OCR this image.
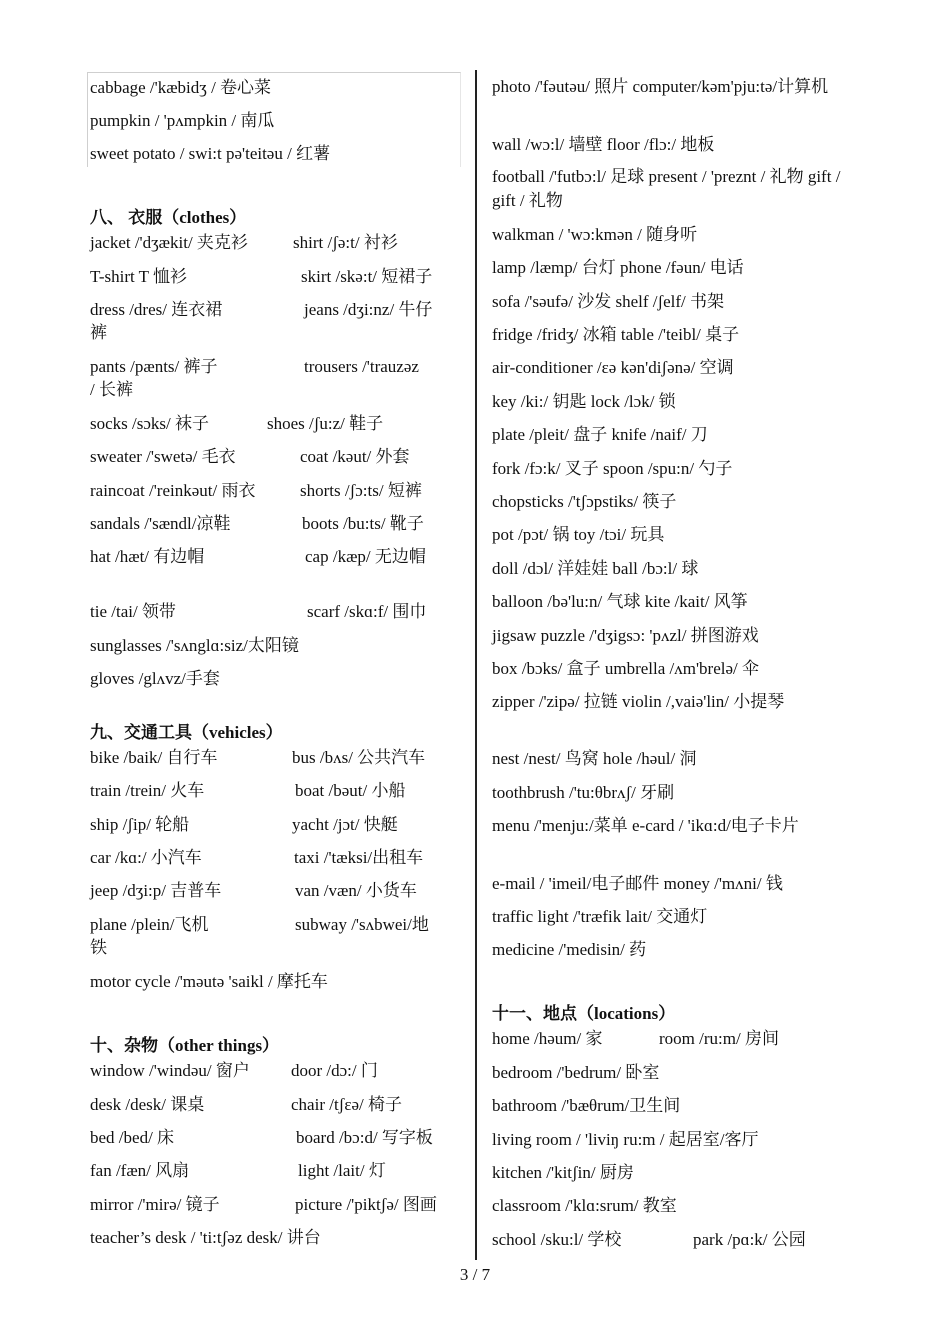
cabbage /'kæbidʒ / 卷心菜
pumpkin / 'pʌmpkin / 南瓜
sweet potato / swi:t pə'teitəu / 红薯
八、 衣服（clothes）
jacket /'dʒækit/ 夹克衫	shirt /ʃə:t/ 衬衫
T-shirt T 恤衫	skirt /skə:t/ 短裙子
dress /dres/ 连衣裙	jeans /dʒi:nz/ 牛仔
裤
pants /pænts/ 裤子	trousers /'trauzəz
/ 长裤
socks /sɔks/ 袜子	shoes /ʃu:z/ 鞋子
sweater /'swetə/ 毛衣	coat /kəut/ 外套
raincoat /'reinkəut/ 雨衣	shorts /ʃɔ:ts/ 短裤
sandals /'sændl/凉鞋	boots /bu:ts/ 靴子
hat /hæt/ 有边帽	cap /kæp/ 无边帽
tie /tai/ 领带	scarf /skɑ:f/ 围巾
sunglasses /'sʌnglɑ:siz/太阳镜
gloves /glʌvz/手套
九、交通工具（vehicles）
bike /baik/ 自行车	bus /bʌs/ 公共汽车
train /trein/ 火车	boat /bəut/ 小船
ship /ʃip/ 轮船	yacht /jɔt/ 快艇
car /kɑ:/ 小汽车	taxi /'tæksi/出租车
jeep /dʒi:p/ 吉普车	van /væn/ 小货车
plane /plein/飞机	subway /'sʌbwei/地
铁
motor cycle /'məutə 'saikl / 摩托车
十、杂物（other things）
window /'windəu/ 窗户 door /dɔ:/ 门
desk /desk/ 课桌	chair /tʃεə/ 椅子
bed /bed/ 床	board /bɔ:d/ 写字板
fan /fæn/ 风扇	light /lait/ 灯
mirror /'mirə/ 镜子	picture /'piktʃə/ 图画
teacher’s desk / 'ti:tʃəz desk/ 讲台
photo /'fəutəu/ 照片 computer/kəm'pju:tə/计算机
wall /wɔ:l/ 墙壁 floor /flɔ:/ 地板
football /'futbɔ:l/ 足球 present / 'preznt / 礼物 gift / gift / 礼物
walkman / 'wɔ:kmən / 随身听
lamp /læmp/ 台灯 phone /fəun/ 电话
sofa /'səufə/ 沙发 shelf /ʃelf/ 书架
fridge /fridʒ/ 冰箱 table /'teibl/ 桌子
air-conditioner /εə kən'diʃənə/ 空调
key /ki:/ 钥匙 lock /lɔk/ 锁
plate /pleit/ 盘子 knife /naif/ 刀
fork /fɔ:k/ 叉子 spoon /spu:n/ 勺子
chopsticks /'tʃɔpstiks/ 筷子
pot /pɔt/ 锅 toy /tɔi/ 玩具
doll /dɔl/ 洋娃娃 ball /bɔ:l/ 球
balloon /bə'lu:n/ 气球 kite /kait/ 风筝
jigsaw puzzle /'dʒigsɔ: 'pʌzl/ 拼图游戏
box /bɔks/ 盒子 umbrella /ʌm'brelə/ 伞
zipper /'zipə/ 拉链 violin /,vaiə'lin/ 小提琴
nest /nest/ 鸟窝 hole /həul/ 洞
toothbrush /'tu:θbrʌʃ/ 牙刷
menu /'menju:/菜单 e-card / 'ikɑ:d/电子卡片
e-mail / 'imeil/电子邮件 money /'mʌni/ 钱
traffic light /'træfik lait/ 交通灯
medicine /'medisin/ 药
十一、地点（locations）
home /həum/ 家	room /ru:m/ 房间
bedroom /'bedrum/ 卧室
bathroom /'bæθrum/卫生间
living room / 'liviŋ ru:m / 起居室/客厅
kitchen /'kitʃin/ 厨房
classroom /'klɑ:srum/ 教室
school /sku:l/ 学校	park /pɑ:k/ 公园
3 / 7
